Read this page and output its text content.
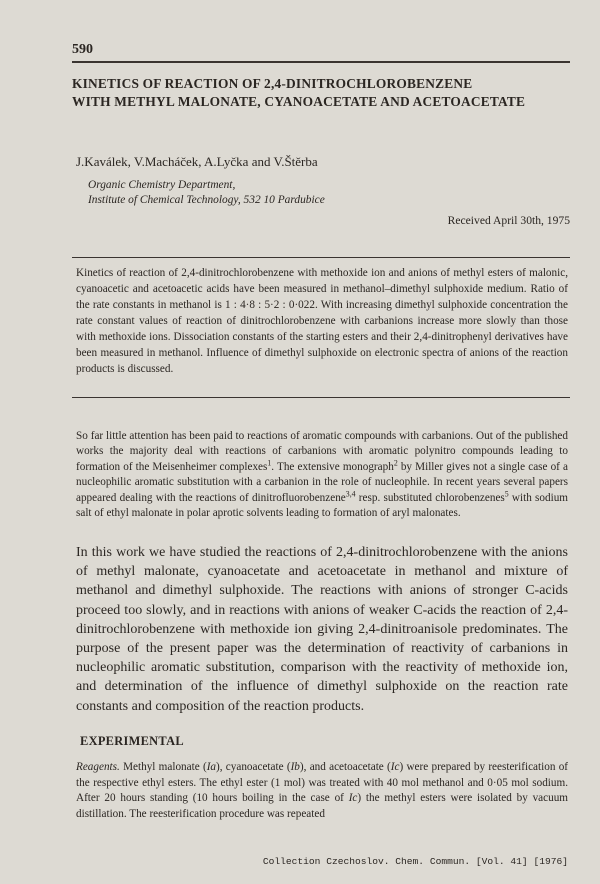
590

KINETICS OF REACTION OF 2,4-DINITROCHLOROBENZENE
WITH METHYL MALONATE, CYANOACETATE AND ACETOACETATE

J.Kaválek, V.Macháček, A.Lyčka and V.Štěrba

Organic Chemistry Department,
Institute of Chemical Technology, 532 10 Pardubice

Received April 30th, 1975

Kinetics of reaction of 2,4-dinitrochlorobenzene with methoxide ion and anions of methyl esters of malonic, cyanoacetic and acetoacetic acids have been measured in methanol–dimethyl sulphoxide medium. Ratio of the rate constants in methanol is 1 : 4·8 : 5·2 : 0·022. With increasing dimethyl sulphoxide concentration the rate constant values of reaction of dinitrochlorobenzene with carbanions increase more slowly than those with methoxide ions. Dissociation constants of the starting esters and their 2,4-dinitrophenyl derivatives have been measured in methanol. Influence of dimethyl sulphoxide on electronic spectra of anions of the reaction products is discussed.

So far little attention has been paid to reactions of aromatic compounds with carbanions. Out of the published works the majority deal with reactions of carbanions with aromatic polynitro compounds leading to formation of the Meisenheimer complexes$^1$. The extensive monograph$^2$ by Miller gives not a single case of a nucleophilic aromatic substitution with a carbanion in the role of nucleophile. In recent years several papers appeared dealing with the reactions of dinitrofluorobenzene$^{3,4}$ resp. substituted chlorobenzenes$^5$ with sodium salt of ethyl malonate in polar aprotic solvents leading to formation of aryl malonates.

In this work we have studied the reactions of 2,4-dinitrochlorobenzene with the anions of methyl malonate, cyanoacetate and acetoacetate in methanol and mixture of methanol and dimethyl sulphoxide. The reactions with anions of stronger C-acids proceed too slowly, and in reactions with anions of weaker C-acids the reaction of 2,4-dinitrochlorobenzene with methoxide ion giving 2,4-dinitroanisole predominates. The purpose of the present paper was the determination of reactivity of carbanions in nucleophilic aromatic substitution, comparison with the reactivity of methoxide ion, and determination of the influence of dimethyl sulphoxide on the reaction rate constants and composition of the reaction products.

EXPERIMENTAL

Reagents. Methyl malonate (Ia), cyanoacetate (Ib), and acetoacetate (Ic) were prepared by reesterification of the respective ethyl esters. The ethyl ester (1 mol) was treated with 40 mol methanol and 0·05 mol sodium. After 20 hours standing (10 hours boiling in the case of Ic) the methyl esters were isolated by vacuum distillation. The reesterification procedure was repeated

Collection Czechoslov. Chem. Commun. [Vol. 41] [1976]
